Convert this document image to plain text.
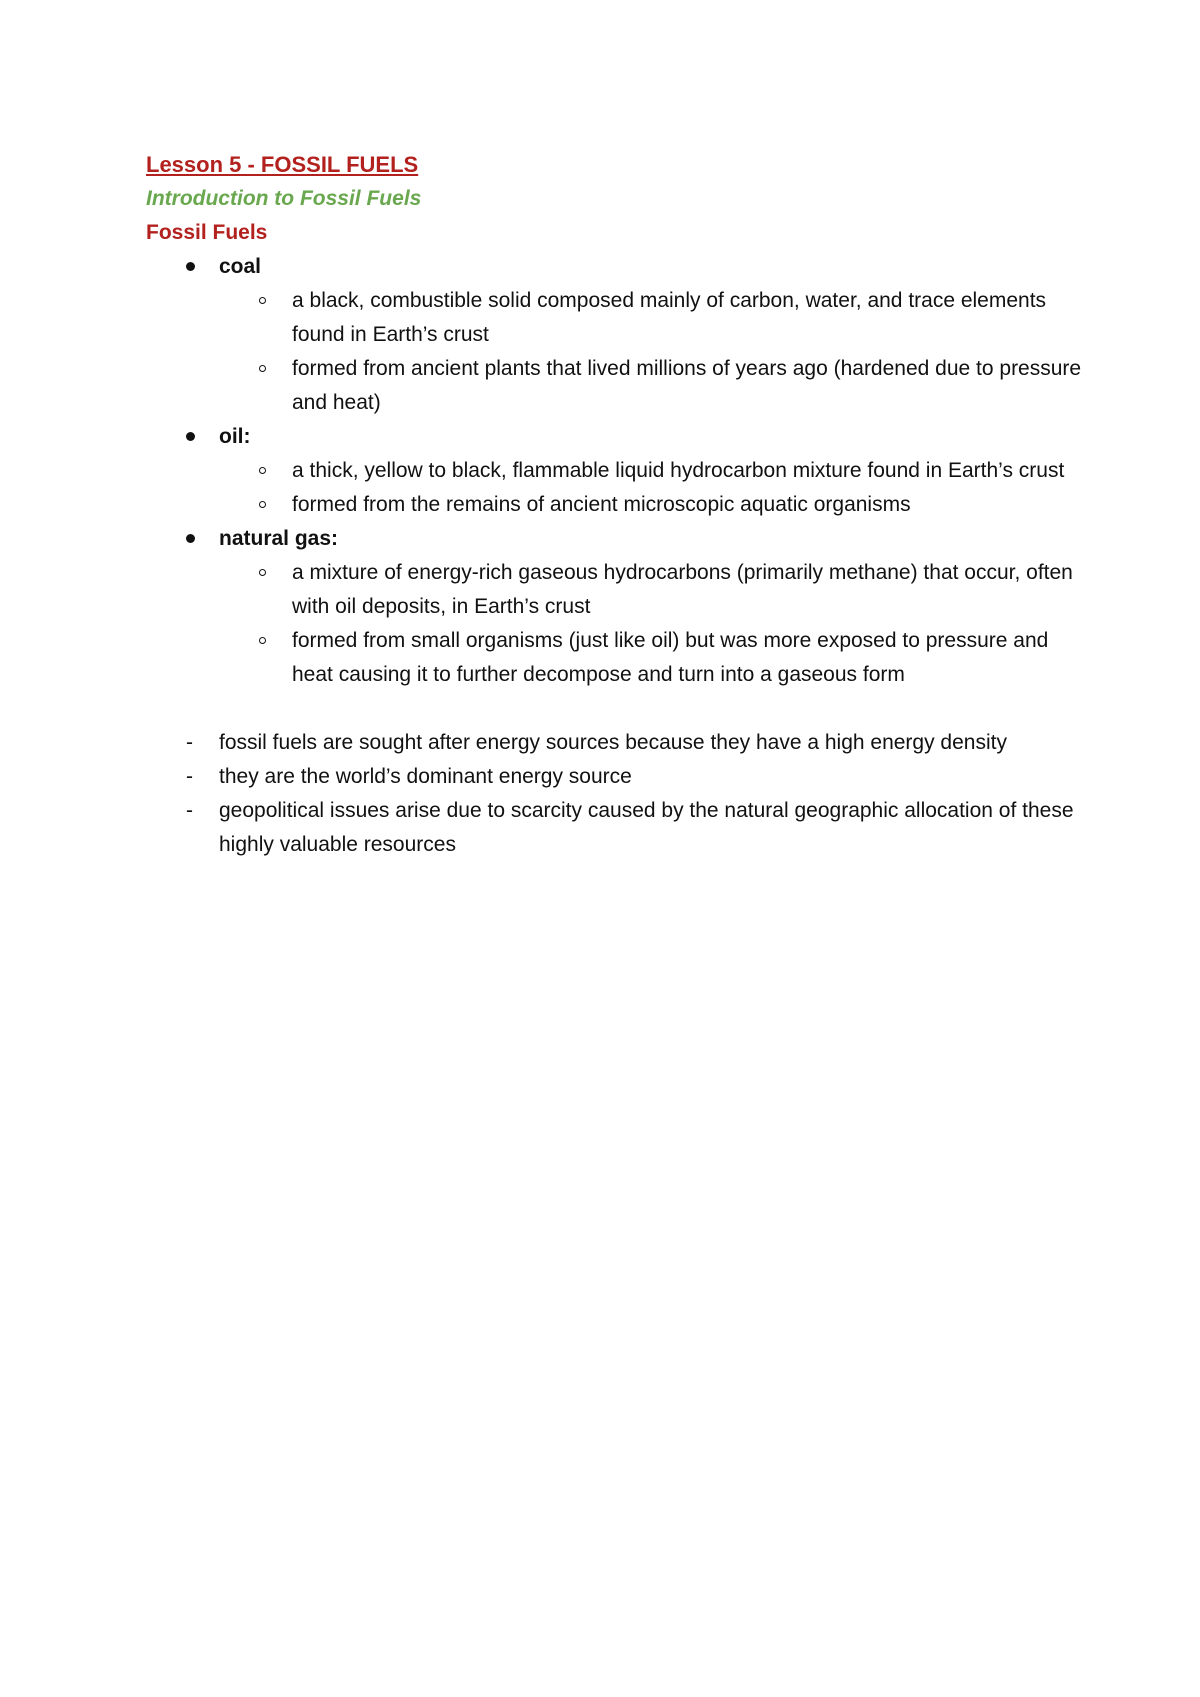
Lesson 5 - FOSSIL FUELS

Introduction to Fossil Fuels

Fossil Fuels

coal
a black, combustible solid composed mainly of carbon, water, and trace elements found in Earth’s crust
formed from ancient plants that lived millions of years ago (hardened due to pressure and heat)
oil:
a thick, yellow to black, flammable liquid hydrocarbon mixture found in Earth’s crust
formed from the remains of ancient microscopic aquatic organisms
natural gas:
a mixture of energy-rich gaseous hydrocarbons (primarily methane) that occur, often with oil deposits, in Earth’s crust
formed from small organisms (just like oil) but was more exposed to pressure and heat causing it to further decompose and turn into a gaseous form
- fossil fuels are sought after energy sources because they have a high energy density
- they are the world’s dominant energy source
- geopolitical issues arise due to scarcity caused by the natural geographic allocation of these highly valuable resources
